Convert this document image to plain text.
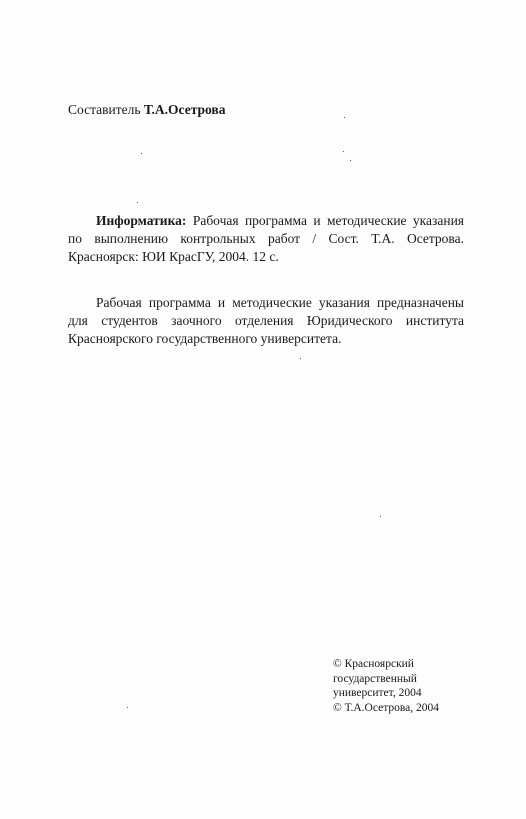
Составитель Т.А.Осетрова

Информатика: Рабочая программа и методические указания по выполнению контрольных работ / Сост. Т.А. Осетрова. Красноярск: ЮИ КрасГУ, 2004. 12 с.

Рабочая программа и методические указания предназначены для студентов заочного отделения Юридического института Красноярского государственного университета.

© Красноярский
государственный
университет, 2004
© Т.А.Осетрова, 2004
